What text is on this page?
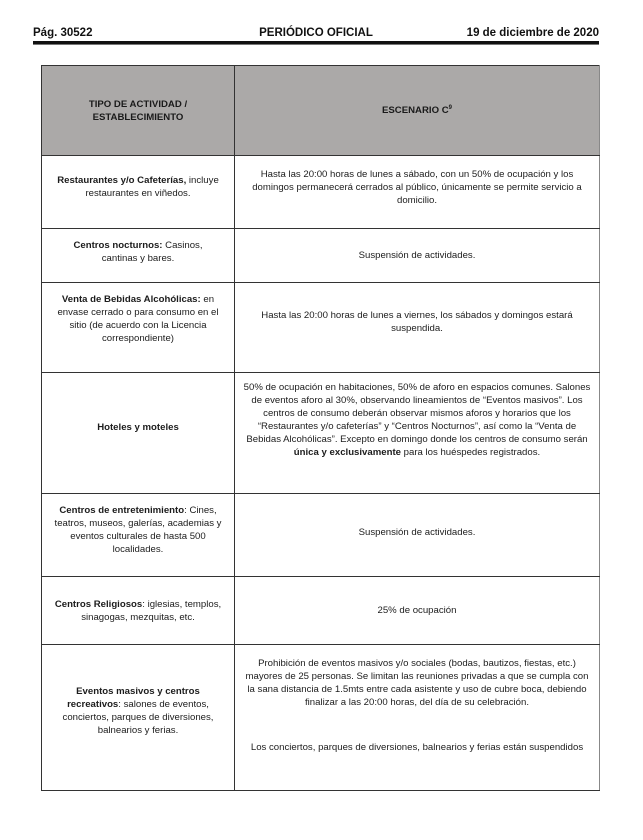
Pág. 30522	PERIÓDICO OFICIAL	19 de diciembre de 2020
TIPO DE ACTIVIDAD / ESTABLECIMIENTO	ESCENARIO $C^9$
Restaurantes y/o Cafeterías, incluye restaurantes en viñedos.	Hasta las 20:00 horas de lunes a sábado, con un 50% de ocupación y los domingos permanecerá cerrados al público, únicamente se permite servicio a domicilio.
Centros nocturnos: Casinos, cantinas y bares.	Suspensión de actividades.
Venta de Bebidas Alcohólicas: en envase cerrado o para consumo en el sitio (de acuerdo con la Licencia correspondiente)	Hasta las 20:00 horas de lunes a viernes, los sábados y domingos estará suspendida.
Hoteles y moteles	50% de ocupación en habitaciones, 50% de aforo en espacios comunes. Salones de eventos aforo al 30%, observando lineamientos de “Eventos masivos”. Los centros de consumo deberán observar mismos aforos y horarios que los “Restaurantes y/o cafeterías” y “Centros Nocturnos”, así como la “Venta de Bebidas Alcohólicas”. Excepto en domingo donde los centros de consumo serán única y exclusivamente para los huéspedes registrados.
Centros de entretenimiento: Cines, teatros, museos, galerías, academias y eventos culturales de hasta 500 localidades.	Suspensión de actividades.
Centros Religiosos: iglesias, templos, sinagogas, mezquitas, etc.	25% de ocupación
Eventos masivos y centros recreativos: salones de eventos, conciertos, parques de diversiones, balnearios y ferias.	Prohibición de eventos masivos y/o sociales (bodas, bautizos, fiestas, etc.) mayores de 25 personas. Se limitan las reuniones privadas a que se cumpla con la sana distancia de 1.5mts entre cada asistente y uso de cubre boca, debiendo finalizar a las 20:00 horas, del día de su celebración.
Los conciertos, parques de diversiones, balnearios y ferias están suspendidos
